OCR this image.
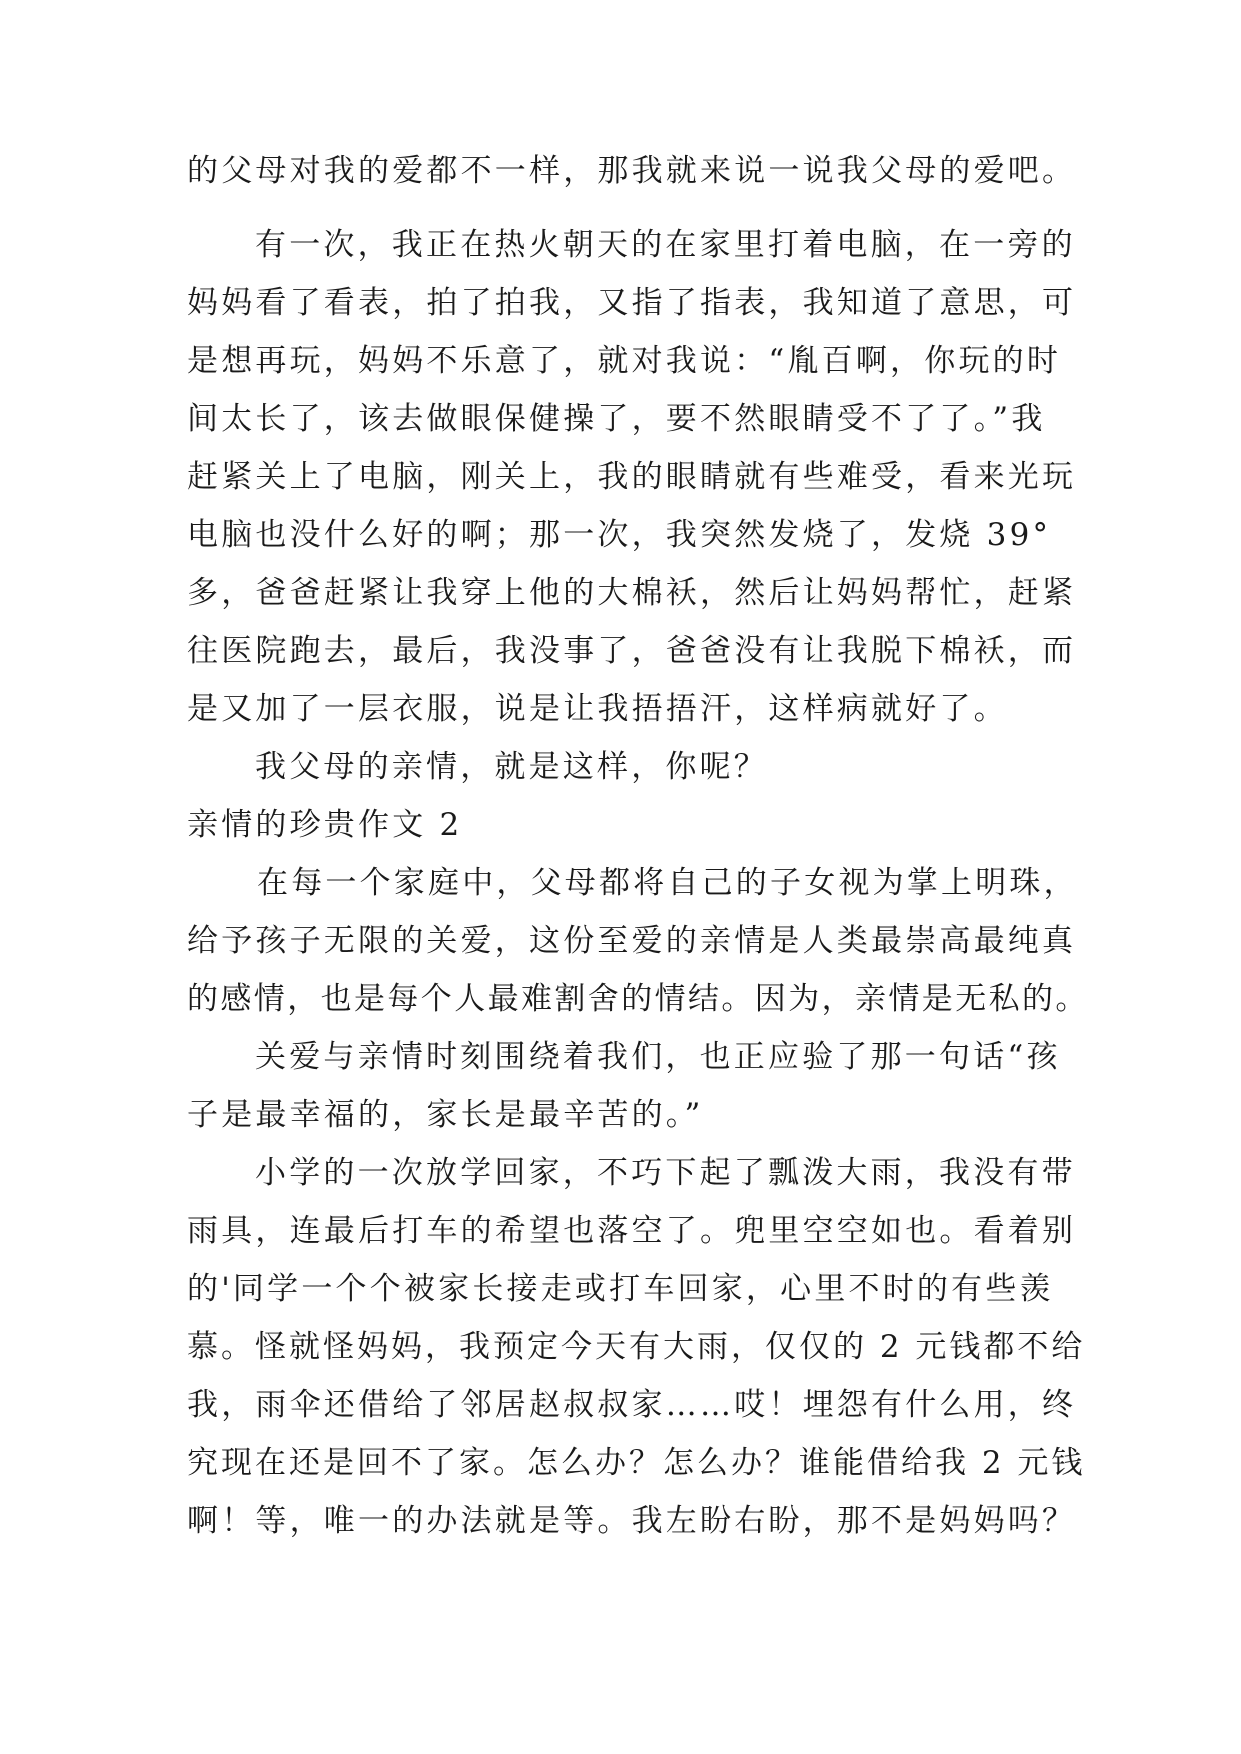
的父母对我的爱都不一样，那我就来说一说我父母的爱吧。
有一次，我正在热火朝天的在家里打着电脑，在一旁的
妈妈看了看表，拍了拍我，又指了指表，我知道了意思，可
是想再玩，妈妈不乐意了，就对我说：“胤百啊，你玩的时
间太长了，该去做眼保健操了，要不然眼睛受不了了。”我
赶紧关上了电脑，刚关上，我的眼睛就有些难受，看来光玩
电脑也没什么好的啊；那一次，我突然发烧了，发烧 39°
多，爸爸赶紧让我穿上他的大棉袄，然后让妈妈帮忙，赶紧
往医院跑去，最后，我没事了，爸爸没有让我脱下棉袄，而
是又加了一层衣服，说是让我捂捂汗，这样病就好了。
我父母的亲情，就是这样，你呢？
亲情的珍贵作文 2
在每一个家庭中，父母都将自己的子女视为掌上明珠，
给予孩子无限的关爱，这份至爱的亲情是人类最崇高最纯真
的感情，也是每个人最难割舍的情结。因为，亲情是无私的。
关爱与亲情时刻围绕着我们，也正应验了那一句话“孩
子是最幸福的，家长是最辛苦的。”
小学的一次放学回家，不巧下起了瓢泼大雨，我没有带
雨具，连最后打车的希望也落空了。兜里空空如也。看着别
的'同学一个个被家长接走或打车回家，心里不时的有些羡
慕。怪就怪妈妈，我预定今天有大雨，仅仅的 2 元钱都不给
我，雨伞还借给了邻居赵叔叔家……哎！埋怨有什么用，终
究现在还是回不了家。怎么办？怎么办？谁能借给我 2 元钱
啊！等，唯一的办法就是等。我左盼右盼，那不是妈妈吗？
